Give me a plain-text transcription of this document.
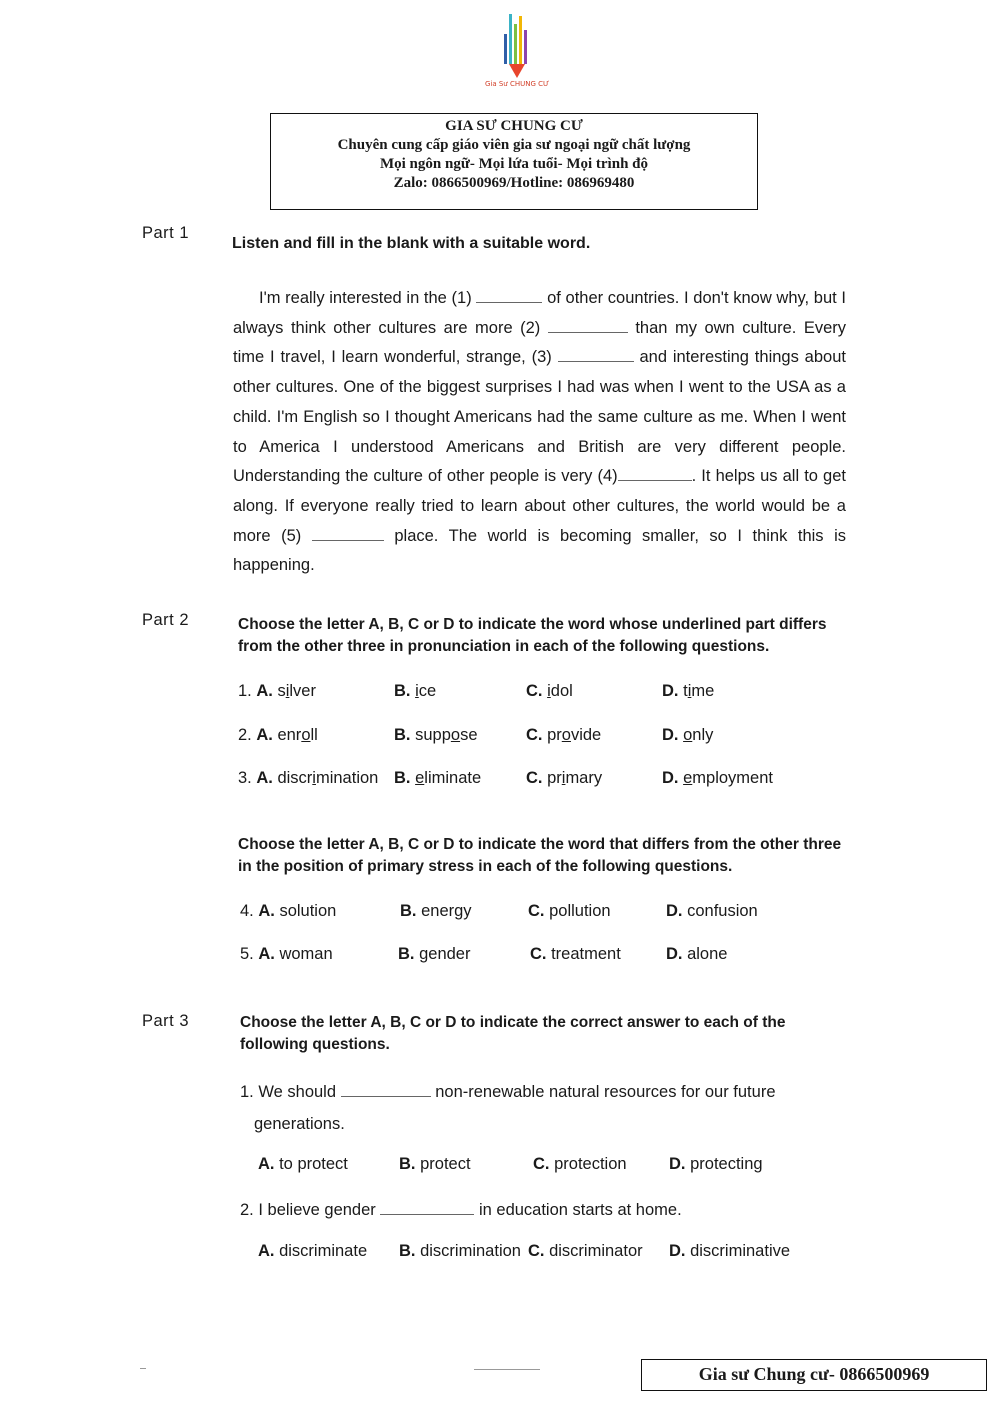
Gia Sư CHUNG CƯ
GIA SƯ CHUNG CƯ
Chuyên cung cấp giáo viên gia sư ngoại ngữ chất lượng
Mọi ngôn ngữ- Mọi lứa tuổi- Mọi trình độ
Zalo: 0866500969/Hotline: 086969480
Part 1
Listen and fill in the blank with a suitable word.

I'm really interested in the (1)	of other countries. I don't know why, but I always think other cultures are more (2)	than my own culture. Every time I travel, I learn wonderful, strange, (3)	and interesting things about other cultures. One of the biggest surprises I had was when I went to the USA as a child. I'm English so I thought Americans had the same culture as me. When I went to America I understood Americans and British are very different people. Understanding the culture of other people is very (4)	. It helps us all to get along. If everyone really tried to learn about other cultures, the world would be a more (5)	place. The world is becoming smaller, so I think this is happening.

Part 2	Choose the letter A, B, C or D to indicate the word whose underlined part differs from the other three in pronunciation in each of the following questions.
1. A. silver	B. ice	C. idol	D. time
2. A. enroll	B. suppose	C. provide	D. only
3. A. discrimination B. eliminate	C. primary	D. employment
Choose the letter A, B, C or D to indicate the word that differs from the other three in the position of primary stress in each of the following questions.
4. A. solution	B. energy	C. pollution	D. confusion
5. A. woman	B. gender	C. treatment	D. alone
Part 3	Choose the letter A, B, C or D to indicate the correct answer to each of the following questions.
1. We should	non-renewable natural resources for our future generations.
A. to protect	B. protect	C. protection	D. protecting
2. I believe gender	in education starts at home.
A. discriminate B. discrimination C. discriminator D. discriminative
Gia sư Chung cư- 0866500969
